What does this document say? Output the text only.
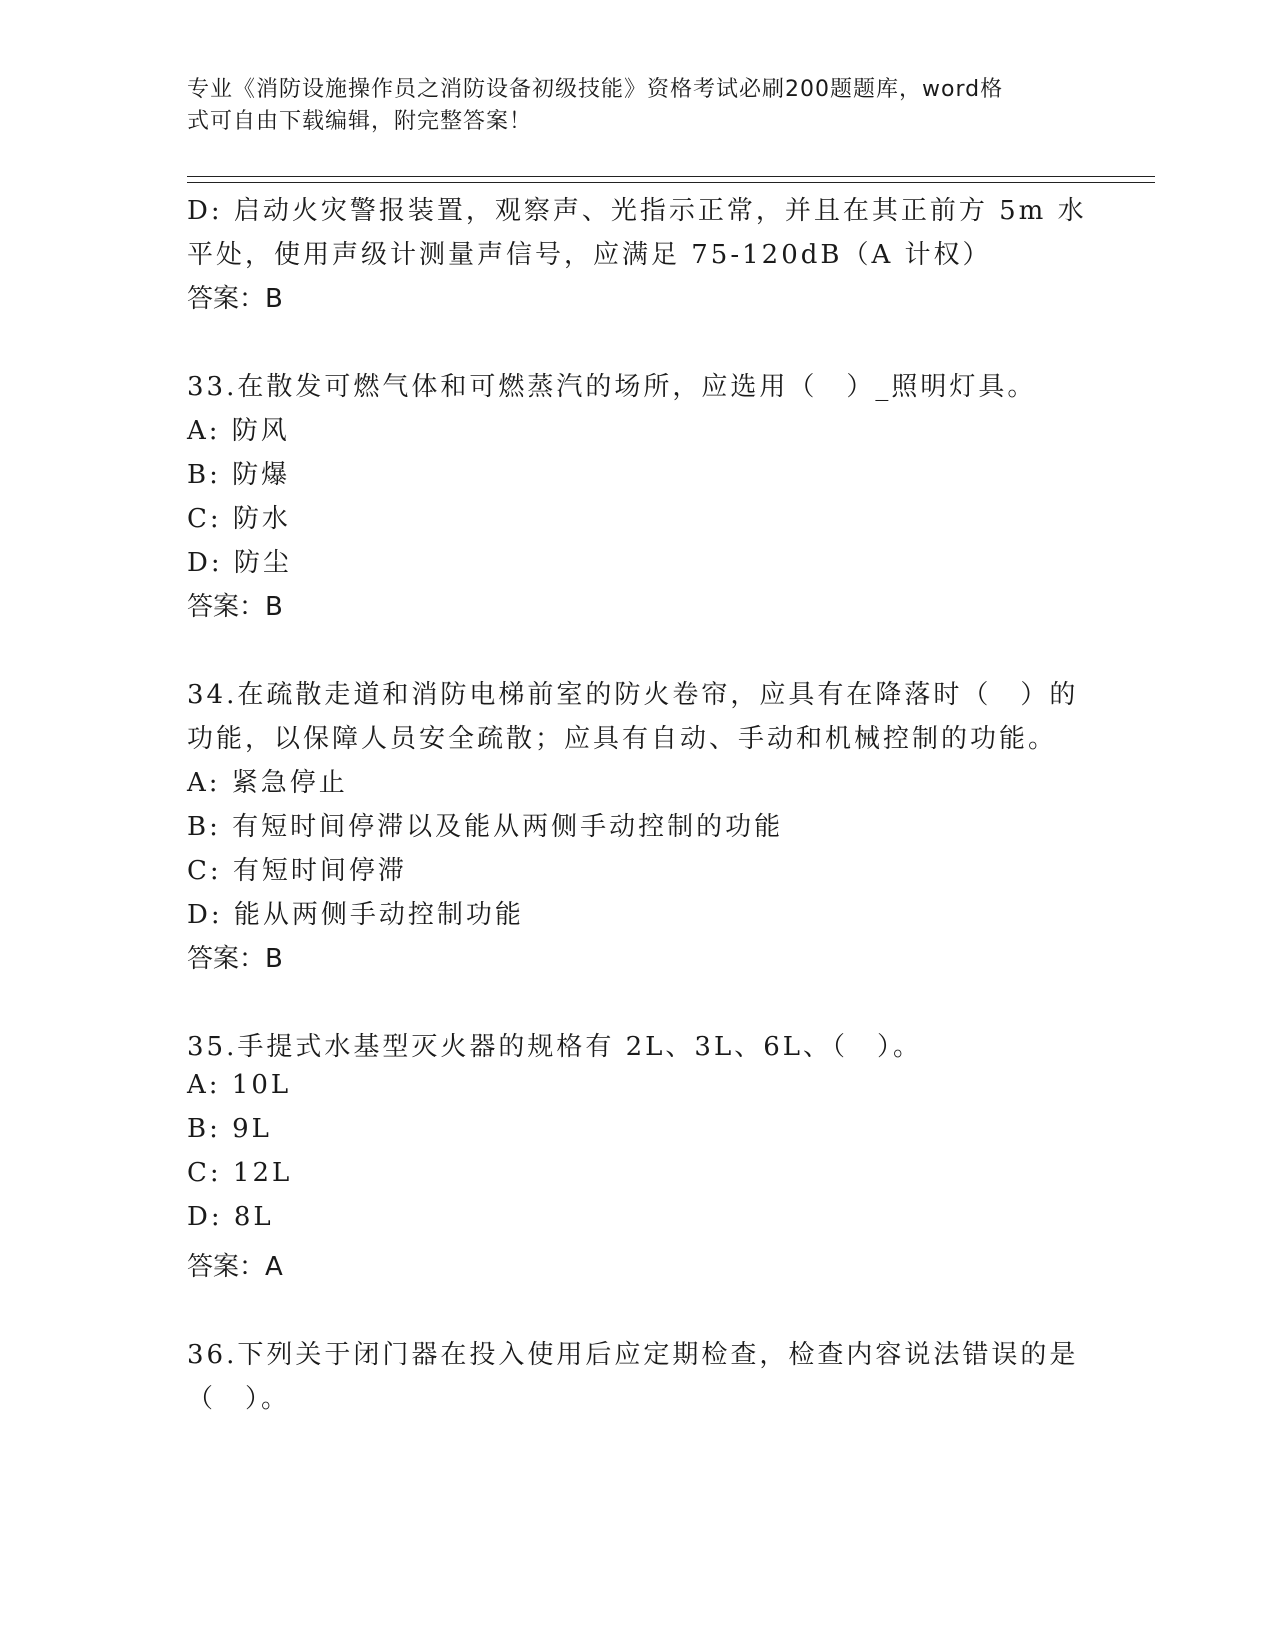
专业《消防设施操作员之消防设备初级技能》资格考试必刷200题题库，word格
式可自由下载编辑，附完整答案！
D: 启动火灾警报装置，观察声、光指示正常，并且在其正前方 5m 水
平处，使用声级计测量声信号，应满足 75-120dB（A 计权）
答案：B
33.在散发可燃气体和可燃蒸汽的场所，应选用（　）_照明灯具。
A: 防风
B: 防爆
C: 防水
D: 防尘
答案：B
34.在疏散走道和消防电梯前室的防火卷帘，应具有在降落时（　）的
功能，以保障人员安全疏散；应具有自动、手动和机械控制的功能。
A: 紧急停止
B: 有短时间停滞以及能从两侧手动控制的功能
C: 有短时间停滞
D: 能从两侧手动控制功能
答案：B
35.手提式水基型灭火器的规格有 2L、3L、6L、（　）。
A: 10L
B: 9L
C: 12L
D: 8L
答案：A
36.下列关于闭门器在投入使用后应定期检查，检查内容说法错误的是
（　）。
